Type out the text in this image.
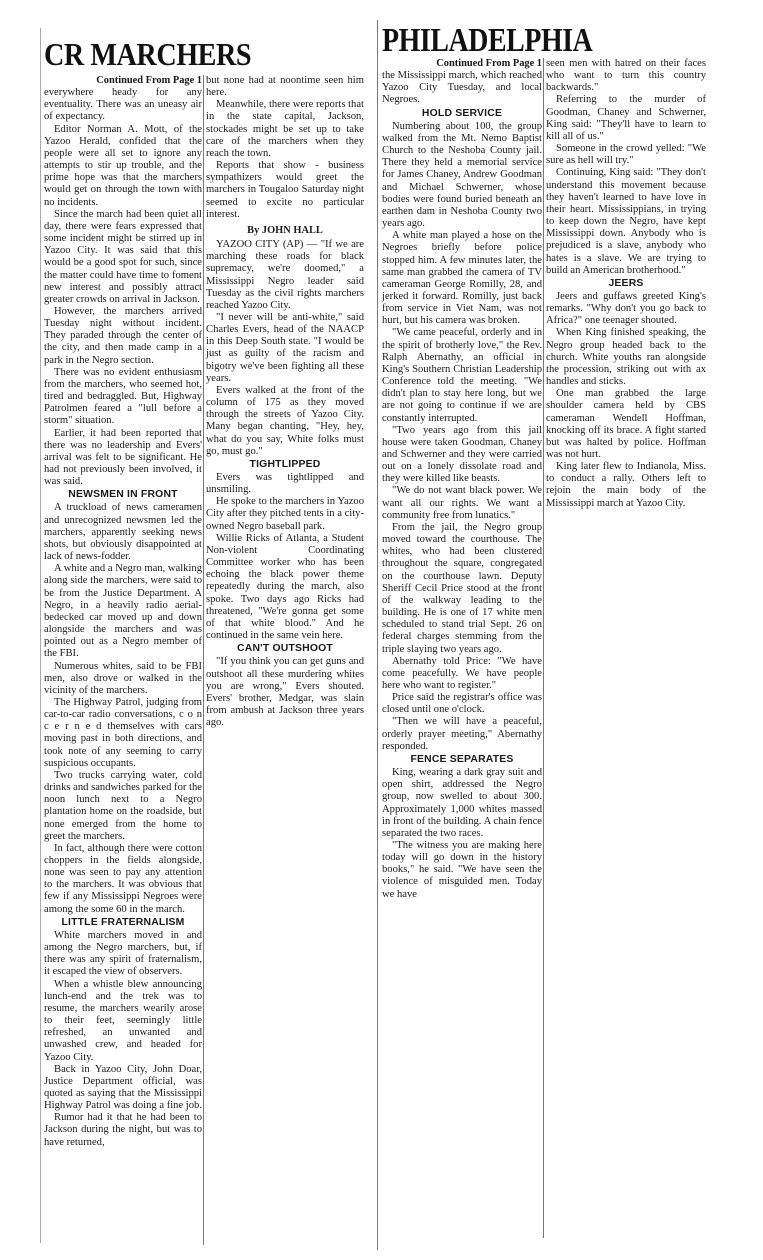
CR MARCHERS	PHILADELPHIA
Continued From Page 1

everywhere heady for any eventuality. There was an uneasy air of expectancy.

Editor Norman A. Mott, of the Yazoo Herald, confided that the people were all set to ignore any attempts to stir up trouble, and the prime hope was that the marchers would get on through the town with no incidents.

Since the march had been quiet all day, there were fears expressed that some incident might be stirred up in Yazoo City. It was said that this would be a good spot for such, since the matter could have time to foment new interest and possibly attract greater crowds on arrival in Jackson.

However, the marchers arrived Tuesday night without incident. They paraded through the center of the city, and then made camp in a park in the Negro section.

There was no evident enthusiasm from the marchers, who seemed hot, tired and bedraggled. But, Highway Patrolmen feared a "lull before a storm" situation.

Earlier, it had been reported that there was no leadership and Evers' arrival was felt to be significant. He had not previously been involved, it was said.

NEWSMEN IN FRONT

A truckload of news cameramen and unrecognized newsmen led the marchers, apparently seeking news shots, but obviously disappointed at lack of news-fodder.

A white and a Negro man, walking along side the marchers, were said to be from the Justice Department. A Negro, in a heavily radio aerial-bedecked car moved up and down alongside the marchers and was pointed out as a Negro member of the FBI.

Numerous whites, said to be FBI men, also drove or walked in the vicinity of the marchers.

The Highway Patrol, judging from car-to-car radio conversations, c o n c e r n e d themselves with cars moving past in both directions, and took note of any seeming to carry suspicious occupants.

Two trucks carrying water, cold drinks and sandwiches parked for the noon lunch next to a Negro plantation home on the roadside, but none emerged from the home to greet the marchers.

In fact, although there were cotton choppers in the fields alongside, none was seen to pay any attention to the marchers. It was obvious that few if any Mississippi Negroes were among the some 60 in the march.

LITTLE FRATERNALISM

White marchers moved in and among the Negro marchers, but, if there was any spirit of fraternalism, it escaped the view of observers.

When a whistle blew announcing lunch-end and the trek was to resume, the marchers wearily arose to their feet, seemingly little refreshed, an unwanted and unwashed crew, and headed for Yazoo City.

Back in Yazoo City, John Doar, Justice Department official, was quoted as saying that the Mississippi Highway Patrol was doing a fine job.

Rumor had it that he had been to Jackson during the night, but was to have returned,

but none had at noontime seen him here.

Meanwhile, there were reports that in the state capital, Jackson, stockades might be set up to take care of the marchers when they reach the town.

Reports that show - business sympathizers would greet the marchers in Tougaloo Saturday night seemed to excite no particular interest.

By JOHN HALL

YAZOO CITY (AP) — "If we are marching these roads for black supremacy, we're doomed," a Mississippi Negro leader said Tuesday as the civil rights marchers reached Yazoo City.

"I never will be anti-white," said Charles Evers, head of the NAACP in this Deep South state. "I would be just as guilty of the racism and bigotry we've been fighting all these years.

Evers walked at the front of the column of 175 as they moved through the streets of Yazoo City. Many began chanting, "Hey, hey, what do you say, White folks must go, must go."

TIGHTLIPPED

Evers was tightlipped and unsmiling.

He spoke to the marchers in Yazoo City after they pitched tents in a city-owned Negro baseball park.

Willie Ricks of Atlanta, a Student Non-violent Coordinating Committee worker who has been echoing the black power theme repeatedly during the march, also spoke. Two days ago Ricks had threatened, "We're gonna get some of that white blood." And he continued in the same vein here.

CAN'T OUTSHOOT

"If you think you can get guns and outshoot all these murdering whites you are wrong," Evers shouted. Evers' brother, Medgar, was slain from ambush at Jackson three years ago.

Continued From Page 1

the Mississippi march, which reached Yazoo City Tuesday, and local Negroes.

HOLD SERVICE

Numbering about 100, the group walked from the Mt. Nemo Baptist Church to the Neshoba County jail. There they held a memorial service for James Chaney, Andrew Goodman and Michael Schwerner, whose bodies were found buried beneath an earthen dam in Neshoba County two years ago.

A white man played a hose on the Negroes briefly before police stopped him. A few minutes later, the same man grabbed the camera of TV cameraman George Romilly, 28, and jerked it forward. Romilly, just back from service in Viet Nam, was not hurt, but his camera was broken.

"We came peaceful, orderly and in the spirit of brotherly love," the Rev. Ralph Abernathy, an official in King's Southern Christian Leadership Conference told the meeting. "We didn't plan to stay here long, but we are not going to continue if we are constantly interrupted.

"Two years ago from this jail house were taken Goodman, Chaney and Schwerner and they were carried out on a lonely dissolate road and they were killed like beasts.

"We do not want black power. We want all our rights. We want a community free from lunatics."

From the jail, the Negro group moved toward the courthouse. The whites, who had been clustered throughout the square, congregated on the courthouse lawn. Deputy Sheriff Cecil Price stood at the front of the walkway leading to the building. He is one of 17 white men scheduled to stand trial Sept. 26 on federal charges stemming from the triple slaying two years ago.

Abernathy told Price: "We have come peacefully. We have people here who want to register."

Price said the registrar's office was closed until one o'clock.

"Then we will have a peaceful, orderly prayer meeting," Abernathy responded.

FENCE SEPARATES

King, wearing a dark gray suit and open shirt, addressed the Negro group, now swelled to about 300. Approximately 1,000 whites massed in front of the building. A chain fence separated the two races.

"The witness you are making here today will go down in the history books," he said. "We have seen the violence of misguided men. Today we have

seen men with hatred on their faces who want to turn this country backwards."

Referring to the murder of Goodman, Chaney and Schwerner, King said: "They'll have to learn to kill all of us."

Someone in the crowd yelled: "We sure as hell will try."

Continuing, King said: "They don't understand this movement because they haven't learned to have love in their heart. Mississippians, in trying to keep down the Negro, have kept Mississippi down. Anybody who is prejudiced is a slave, anybody who hates is a slave. We are trying to build an American brotherhood."

JEERS

Jeers and guffaws greeted King's remarks. "Why don't you go back to Africa?" one teenager shouted.

When King finished speaking, the Negro group headed back to the church. White youths ran alongside the procession, striking out with ax handles and sticks.

One man grabbed the large shoulder camera held by CBS cameraman Wendell Hoffman, knocking off its brace. A fight started but was halted by police. Hoffman was not hurt.

King later flew to Indianola, Miss. to conduct a rally. Others left to rejoin the main body of the Mississippi march at Yazoo City.
